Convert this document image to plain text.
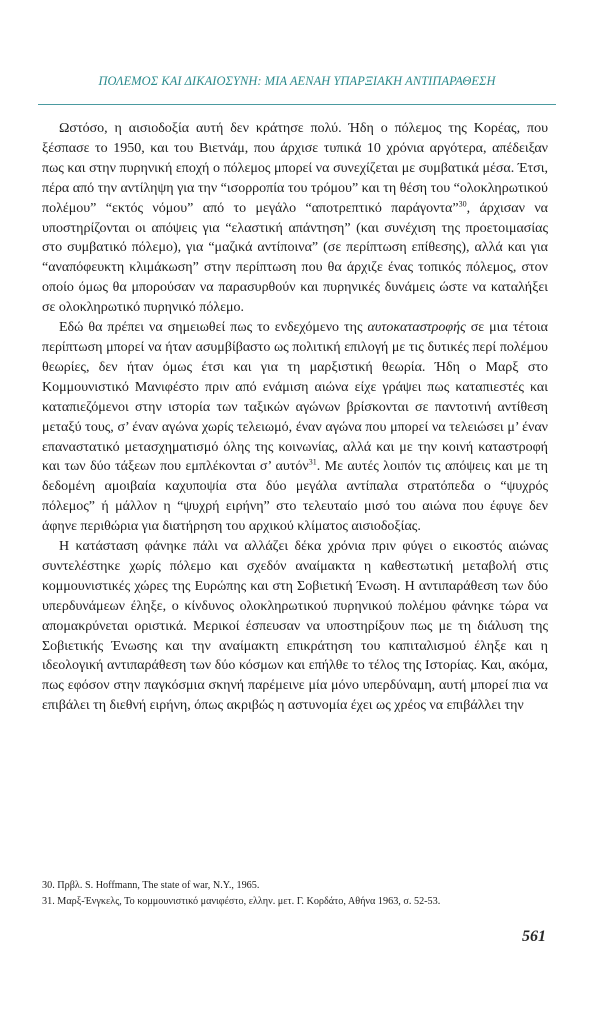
ΠΟΛΕΜΟΣ ΚΑΙ ΔΙΚΑΙΟΣΥΝΗ: ΜΙΑ ΑΕΝΑΗ ΥΠΑΡΞΙΑΚΗ ΑΝΤΙΠΑΡΑΘΕΣΗ

Ωστόσο, η αισιοδοξία αυτή δεν κράτησε πολύ. Ήδη ο πόλεμος της Κορέας, που ξέσπασε το 1950, και του Βιετνάμ, που άρχισε τυπικά 10 χρόνια αργότερα, απέδειξαν πως και στην πυρηνική εποχή ο πόλεμος μπορεί να συνεχίζεται με συμβατικά μέσα. Έτσι, πέρα από την αντίληψη για την “ισορροπία του τρόμου” και τη θέση του “ολοκληρωτικού πολέμου” “εκτός νόμου” από το μεγάλο “αποτρεπτικό παράγοντα”$^{30}$, άρχισαν να υποστηρίζονται οι απόψεις για “ελαστική απάντηση” (και συνέχιση της προετοιμασίας στο συμβατικό πόλεμο), για “μαζικά αντίποινα” (σε περίπτωση επίθεσης), αλλά και για “αναπόφευκτη κλιμάκωση” στην περίπτωση που θα άρχιζε ένας τοπικός πόλεμος, στον οποίο όμως θα μπορούσαν να παρασυρθούν και πυρηνικές δυνάμεις ώστε να καταλήξει σε ολοκληρωτικό πυρηνικό πόλεμο.

Εδώ θα πρέπει να σημειωθεί πως το ενδεχόμενο της αυτοκαταστροφής σε μια τέτοια περίπτωση μπορεί να ήταν ασυμβίβαστο ως πολιτική επιλογή με τις δυτικές περί πολέμου θεωρίες, δεν ήταν όμως έτσι και για τη μαρξιστική θεωρία. Ήδη ο Μαρξ στο Κομμουνιστικό Μανιφέστο πριν από ενάμιση αιώνα είχε γράψει πως καταπιεστές και καταπιεζόμενοι στην ιστορία των ταξικών αγώνων βρίσκονται σε παντοτινή αντίθεση μεταξύ τους, σ’ έναν αγώνα χωρίς τελειωμό, έναν αγώνα που μπορεί να τελειώσει μ’ έναν επαναστατικό μετασχηματισμό όλης της κοινωνίας, αλλά και με την κοινή καταστροφή και των δύο τάξεων που εμπλέκονται σ’ αυτόν$^{31}$. Με αυτές λοιπόν τις απόψεις και με τη δεδομένη αμοιβαία καχυποψία στα δύο μεγάλα αντίπαλα στρατόπεδα ο “ψυχρός πόλεμος” ή μάλλον η “ψυχρή ειρήνη” στο τελευταίο μισό του αιώνα που έφυγε δεν άφηνε περιθώρια για διατήρηση του αρχικού κλίματος αισιοδοξίας.

Η κατάσταση φάνηκε πάλι να αλλάζει δέκα χρόνια πριν φύγει ο εικοστός αιώνας συντελέστηκε χωρίς πόλεμο και σχεδόν αναίμακτα η καθεστωτική μεταβολή στις κομμουνιστικές χώρες της Ευρώπης και στη Σοβιετική Ένωση. Η αντιπαράθεση των δύο υπερδυνάμεων έληξε, ο κίνδυνος ολοκληρωτικού πυρηνικού πολέμου φάνηκε τώρα να απομακρύνεται οριστικά. Μερικοί έσπευσαν να υποστηρίξουν πως με τη διάλυση της Σοβιετικής Ένωσης και την αναίμακτη επικράτηση του καπιταλισμού έληξε και η ιδεολογική αντιπαράθεση των δύο κόσμων και επήλθε το τέλος της Ιστορίας. Και, ακόμα, πως εφόσον στην παγκόσμια σκηνή παρέμεινε μία μόνο υπερδύναμη, αυτή μπορεί πια να επιβάλει τη διεθνή ειρήνη, όπως ακριβώς η αστυνομία έχει ως χρέος να επιβάλλει την

30. Πρβλ. S. Hoffmann, The state of war, N.Y., 1965.
31. Μαρξ-Ένγκελς, Το κομμουνιστικό μανιφέστο, ελλην. μετ. Γ. Κορδάτο, Αθήνα 1963, σ. 52-53.
561
